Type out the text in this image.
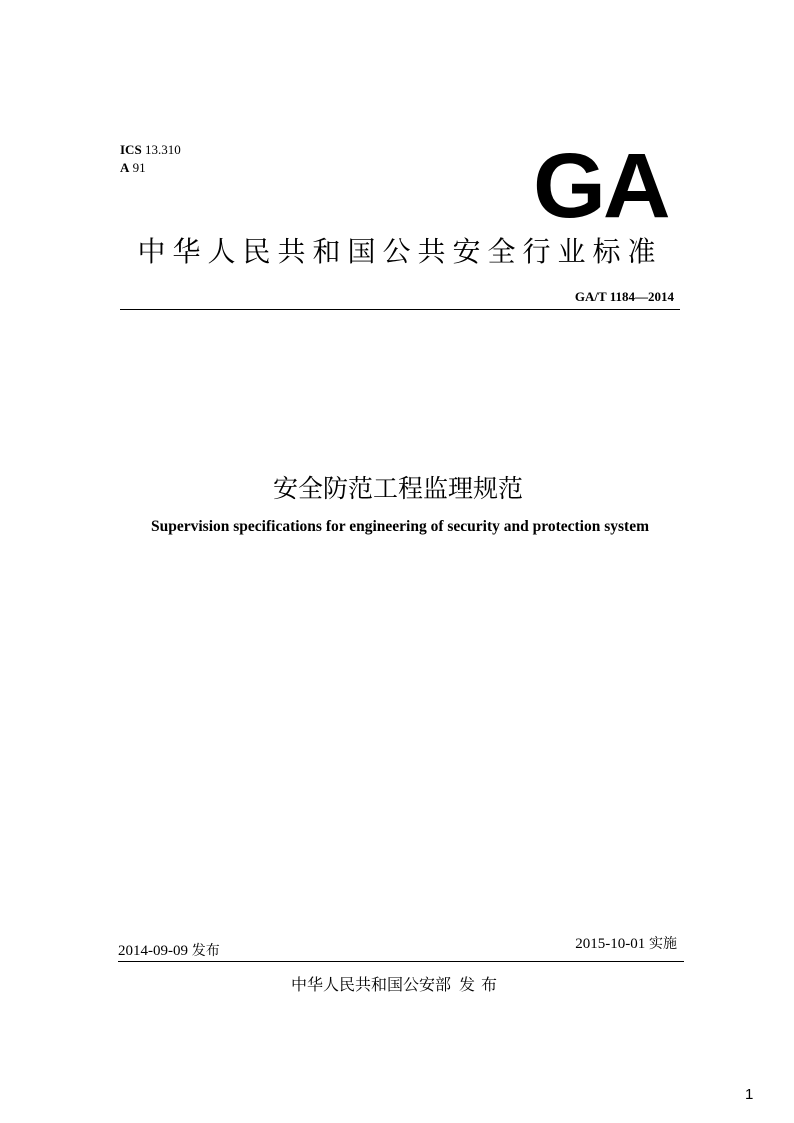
ICS 13.310
A 91	GA
中华人民共和国公共安全行业标准
GA/T 1184—2014
安全防范工程监理规范
Supervision specifications for engineering of security and protection system
2014-09-09 发布	2015-10-01 实施
中华人民共和国公安部 发布
1
